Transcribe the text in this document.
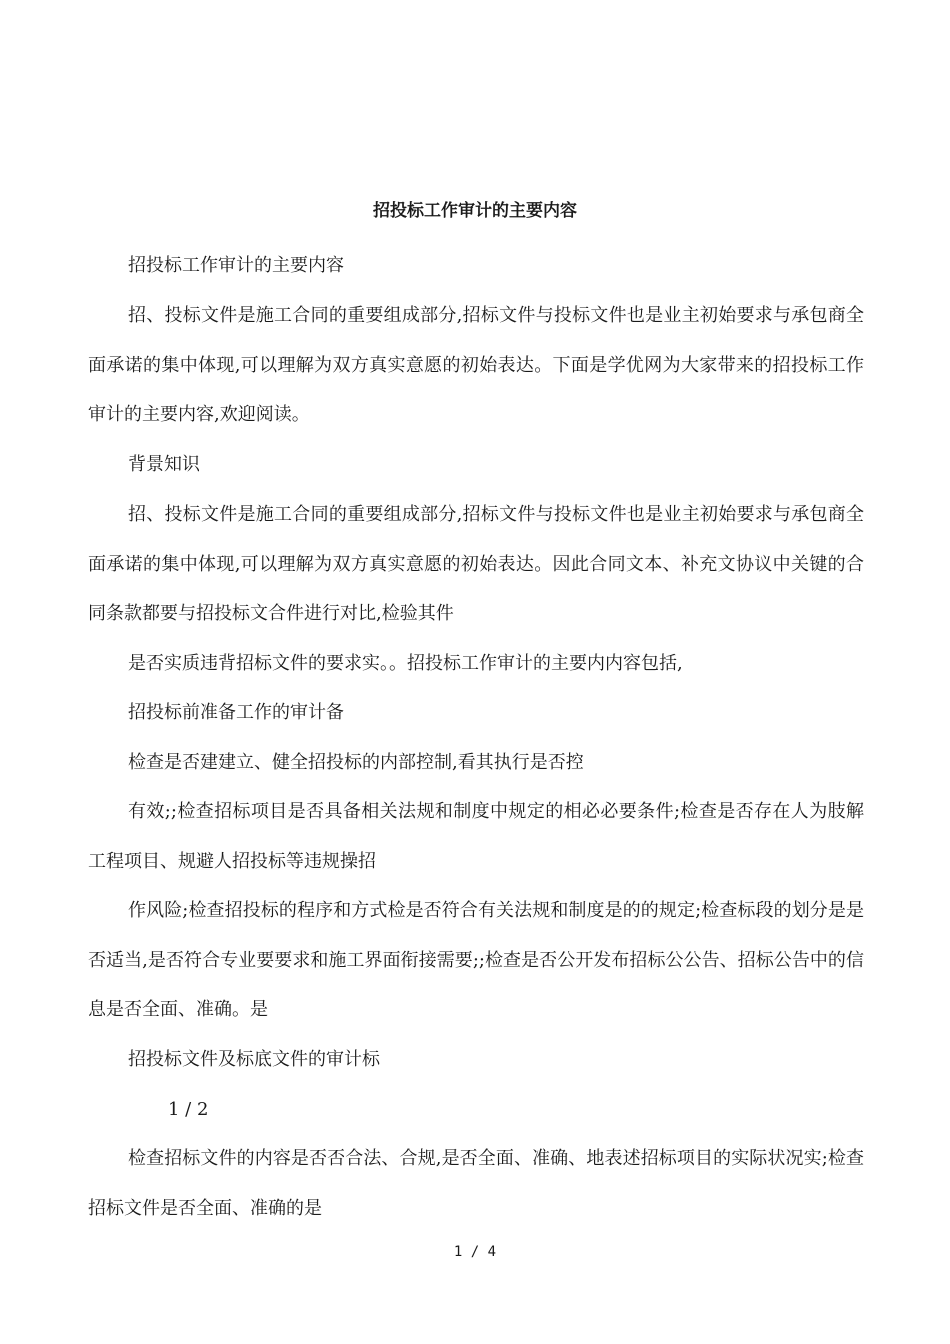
招投标工作审计的主要内容

招投标工作审计的主要内容

招、投标文件是施工合同的重要组成部分,招标文件与投标文件也是业主初始要求与承包商全面承诺的集中体现,可以理解为双方真实意愿的初始表达。下面是学优网为大家带来的招投标工作审计的主要内容,欢迎阅读。

背景知识

招、投标文件是施工合同的重要组成部分,招标文件与投标文件也是业主初始要求与承包商全面承诺的集中体现,可以理解为双方真实意愿的初始表达。因此合同文本、补充文协议中关键的合同条款都要与招投标文合件进行对比,检验其件

是否实质违背招标文件的要求实。。招投标工作审计的主要内内容包括,

招投标前准备工作的审计备

检查是否建建立、健全招投标的内部控制,看其执行是否控

有效;;检查招标项目是否具备相关法规和制度中规定的相必必要条件;检查是否存在人为肢解工程项目、规避人招投标等违规操招

作风险;检查招投标的程序和方式检是否符合有关法规和制度是的的规定;检查标段的划分是是否适当,是否符合专业要要求和施工界面衔接需要;;检查是否公开发布招标公公告、招标公告中的信息是否全面、准确。是

招投标文件及标底文件的审计标

1 / 2

检查招标文件的内容是否否合法、合规,是否全面、准确、地表述招标项目的实际状况实;检查招标文件是否全面、准确的是

1 / 4
